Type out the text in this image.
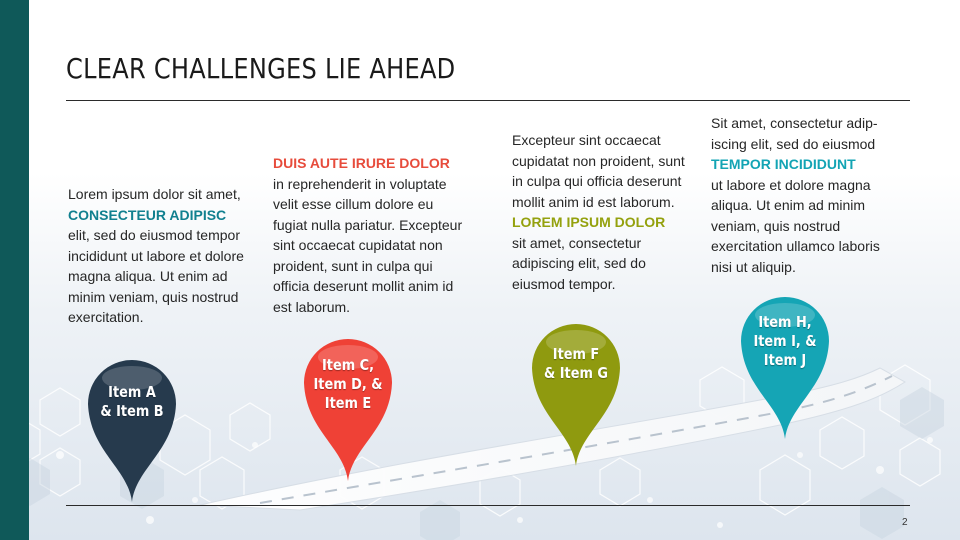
CLEAR CHALLENGES LIE AHEAD
Lorem ipsum dolor sit amet,
CONSECTEUR ADIPISC
elit, sed do eiusmod tempor
incididunt ut labore et dolore
magna aliqua. Ut enim ad
minim veniam, quis nostrud
exercitation.
DUIS AUTE IRURE DOLOR
in reprehenderit in voluptate
velit esse cillum dolore eu
fugiat nulla pariatur. Excepteur
sint occaecat cupidatat non
proident, sunt in culpa qui
officia deserunt mollit anim id
est laborum.
Excepteur sint occaecat
cupidatat non proident, sunt
in culpa qui officia deserunt
mollit anim id est laborum.
LOREM IPSUM DOLOR
sit amet, consectetur
adipiscing elit, sed do
eiusmod tempor.
Sit amet, consectetur adip-
iscing elit, sed do eiusmod
TEMPOR INCIDIDUNT
ut labore et dolore magna
aliqua. Ut enim ad minim
veniam, quis nostrud
exercitation ullamco laboris
nisi ut aliquip.
Item A
& Item B
Item C,
Item D, &
Item E
Item F
& Item G
Item H,
Item I, &
Item J
2
